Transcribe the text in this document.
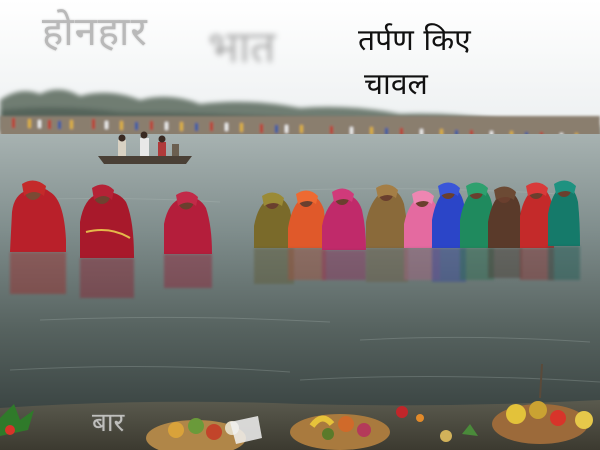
होनहार भात	तर्पण किए
चावल
बार
